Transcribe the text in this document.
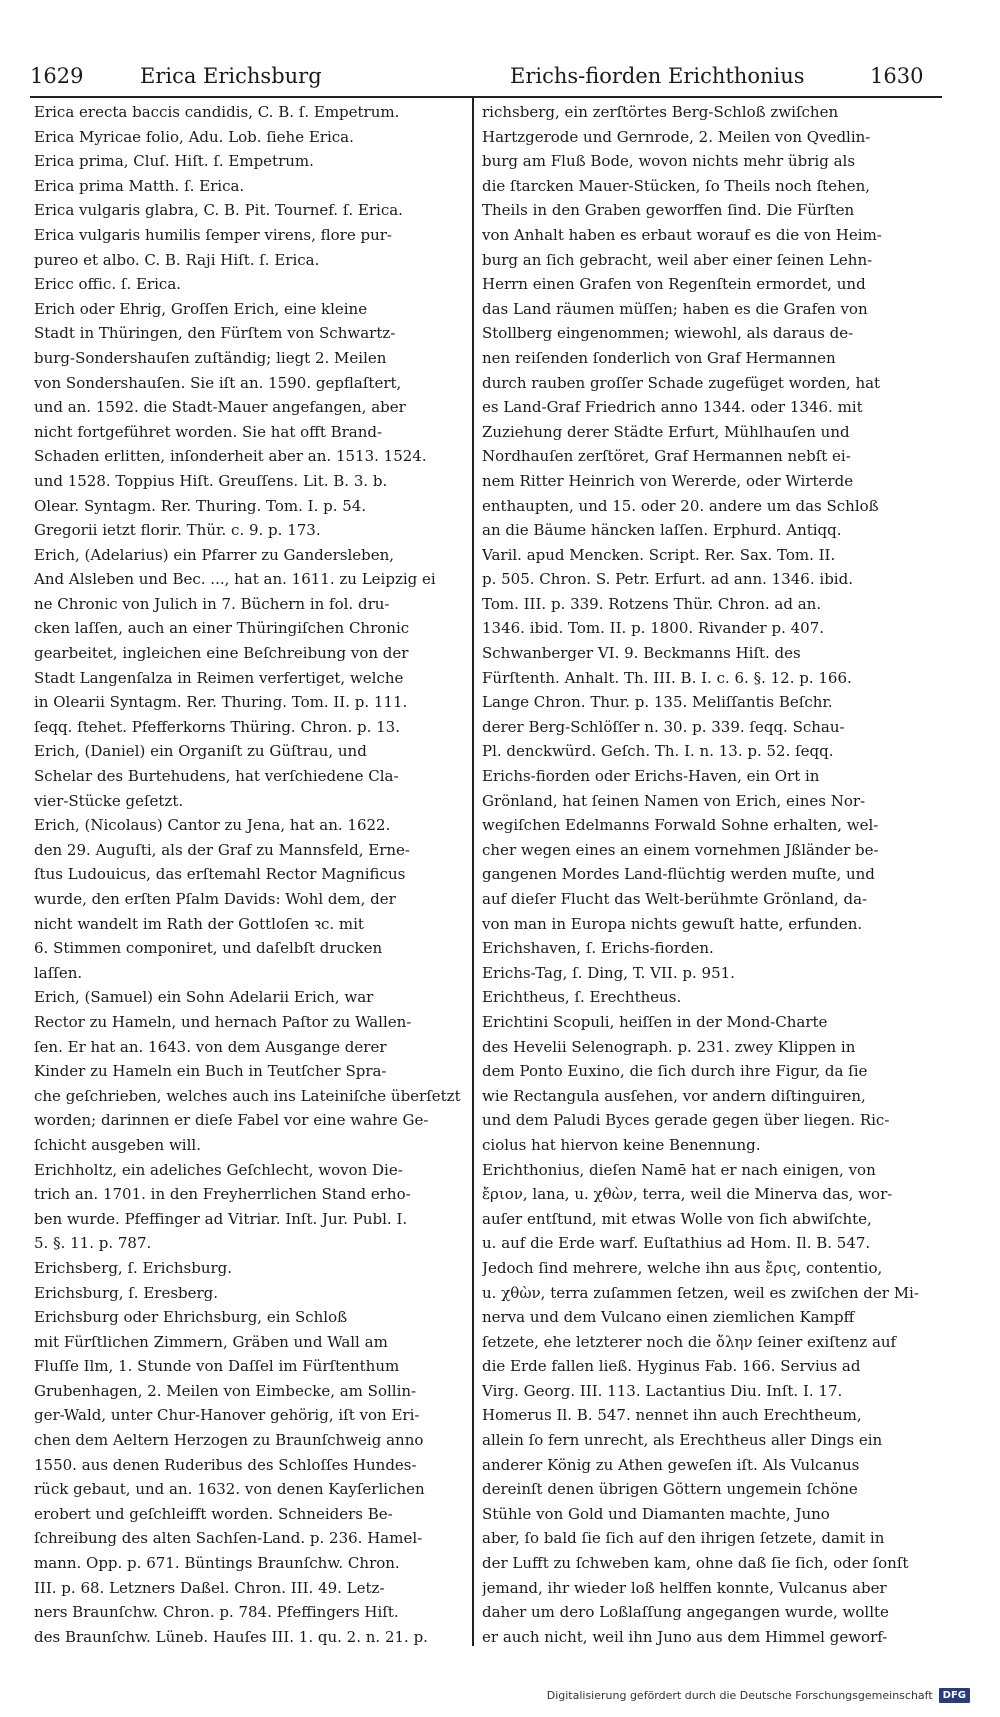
1629	Erica Erichsburg	Erichs-fiorden Erichthonius	1630

Erica erecta baccis candidis, C. B. ſ. Empetrum.
Erica Myricae folio, Adu. Lob. ſiehe Erica.
Erica prima, Cluſ. Hiſt. ſ. Empetrum.
Erica prima Matth. ſ. Erica.
Erica vulgaris glabra, C. B. Pit. Tournef. ſ. Erica.
Erica vulgaris humilis ſemper virens, flore pur-
pureo et albo. C. B. Raji Hiſt. ſ. Erica.
Ericc offic. ſ. Erica.
Erich oder Ehrig, Groſſen Erich, eine kleine
Stadt in Thüringen, den Fürſtem von Schwartz-
burg-Sondershauſen zuſtändig; liegt 2. Meilen
von Sondershauſen. Sie iſt an. 1590. gepflaſtert,
und an. 1592. die Stadt-Mauer angefangen, aber
nicht fortgeführet worden. Sie hat offt Brand-
Schaden erlitten, inſonderheit aber an. 1513. 1524.
und 1528. Toppius Hiſt. Greuſſens. Lit. B. 3. b.
Olear. Syntagm. Rer. Thuring. Tom. I. p. 54.
Gregorii ietzt florir. Thür. c. 9. p. 173.
Erich, (Adelarius) ein Pfarrer zu Gandersleben,
And Alsleben und Bec. ..., hat an. 1611. zu Leipzig ei
ne Chronic von Julich in 7. Büchern in fol. dru-
cken laſſen, auch an einer Thüringiſchen Chronic
gearbeitet, ingleichen eine Beſchreibung von der
Stadt Langenſalza in Reimen verfertiget, welche
in Olearii Syntagm. Rer. Thuring. Tom. II. p. 111.
ſeqq. ſtehet. Pfefferkorns Thüring. Chron. p. 13.
Erich, (Daniel) ein Organiſt zu Güſtrau, und
Schelar des Burtehudens, hat verſchiedene Cla-
vier-Stücke geſetzt.
Erich, (Nicolaus) Cantor zu Jena, hat an. 1622.
den 29. Auguſti, als der Graf zu Mannsfeld, Erne-
ſtus Ludouicus, das erſtemahl Rector Magnificus
wurde, den erſten Pſalm Davids: Wohl dem, der
nicht wandelt im Rath der Gottloſen ꝛc. mit
6. Stimmen componiret, und daſelbſt drucken
laſſen.
Erich, (Samuel) ein Sohn Adelarii Erich, war
Rector zu Hameln, und hernach Paſtor zu Wallen-
ſen. Er hat an. 1643. von dem Ausgange derer
Kinder zu Hameln ein Buch in Teutſcher Spra-
che geſchrieben, welches auch ins Lateiniſche überſetzt
worden; darinnen er dieſe Fabel vor eine wahre Ge-
ſchicht ausgeben will.
Erichholtz, ein adeliches Geſchlecht, wovon Die-
trich an. 1701. in den Freyherrlichen Stand erho-
ben wurde. Pfeffinger ad Vitriar. Inſt. Jur. Publ. I.
5. §. 11. p. 787.
Erichsberg, ſ. Erichsburg.
Erichsburg, ſ. Eresberg.
Erichsburg oder Ehrichsburg, ein Schloß
mit Fürſtlichen Zimmern, Gräben und Wall am
Fluſſe Ilm, 1. Stunde von Daſſel im Fürſtenthum
Grubenhagen, 2. Meilen von Eimbecke, am Sollin-
ger-Wald, unter Chur-Hanover gehörig, iſt von Eri-
chen dem Aeltern Herzogen zu Braunſchweig anno
1550. aus denen Ruderibus des Schloſſes Hundes-
rück gebaut, und an. 1632. von denen Kayſerlichen
erobert und geſchleifft worden. Schneiders Be-
ſchreibung des alten Sachſen-Land. p. 236. Hamel-
mann. Opp. p. 671. Büntings Braunſchw. Chron.
III. p. 68. Letzners Daßel. Chron. III. 49. Letz-
ners Braunſchw. Chron. p. 784. Pfeffingers Hiſt.
des Braunſchw. Lüneb. Hauſes III. 1. qu. 2. n. 21. p.

richsberg, ein zerſtörtes Berg-Schloß zwiſchen
Hartzgerode und Gernrode, 2. Meilen von Qvedlin-
burg am Fluß Bode, wovon nichts mehr übrig als
die ſtarcken Mauer-Stücken, ſo Theils noch ſtehen,
Theils in den Graben geworffen ſind. Die Fürſten
von Anhalt haben es erbaut worauf es die von Heim-
burg an ſich gebracht, weil aber einer ſeinen Lehn-
Herrn einen Grafen von Regenſtein ermordet, und
das Land räumen müſſen; haben es die Grafen von
Stollberg eingenommen; wiewohl, als daraus de-
nen reiſenden ſonderlich von Graf Hermannen
durch rauben groſſer Schade zugefüget worden, hat
es Land-Graf Friedrich anno 1344. oder 1346. mit
Zuziehung derer Städte Erfurt, Mühlhauſen und
Nordhauſen zerſtöret, Graf Hermannen nebſt ei-
nem Ritter Heinrich von Wererde, oder Wirterde
enthaupten, und 15. oder 20. andere um das Schloß
an die Bäume häncken laſſen. Erphurd. Antiqq.
Varil. apud Mencken. Script. Rer. Sax. Tom. II.
p. 505. Chron. S. Petr. Erfurt. ad ann. 1346. ibid.
Tom. III. p. 339. Rotzens Thür. Chron. ad an.
1346. ibid. Tom. II. p. 1800. Rivander p. 407.
Schwanberger VI. 9. Beckmanns Hiſt. des
Fürſtenth. Anhalt. Th. III. B. I. c. 6. §. 12. p. 166.
Lange Chron. Thur. p. 135. Meliſſantis Beſchr.
derer Berg-Schlöſſer n. 30. p. 339. ſeqq. Schau-
Pl. denckwürd. Geſch. Th. I. n. 13. p. 52. ſeqq.
Erichs-fiorden oder Erichs-Haven, ein Ort in
Grönland, hat ſeinen Namen von Erich, eines Nor-
wegiſchen Edelmanns Forwald Sohne erhalten, wel-
cher wegen eines an einem vornehmen Jßländer be-
gangenen Mordes Land-flüchtig werden muſte, und
auf dieſer Flucht das Welt-berühmte Grönland, da-
von man in Europa nichts gewuſt hatte, erfunden.
Erichshaven, ſ. Erichs-fiorden.
Erichs-Tag, ſ. Ding, T. VII. p. 951.
Erichtheus, ſ. Erechtheus.
Erichtini Scopuli, heiſſen in der Mond-Charte
des Hevelii Selenograph. p. 231. zwey Klippen in
dem Ponto Euxino, die ſich durch ihre Figur, da ſie
wie Rectangula ausſehen, vor andern diſtinguiren,
und dem Paludi Byces gerade gegen über liegen. Ric-
ciolus hat hiervon keine Benennung.
Erichthonius, dieſen Namē hat er nach einigen, von
ἔριον, lana, u. χθὼν, terra, weil die Minerva das, wor-
auſer entſtund, mit etwas Wolle von ſich abwiſchte,
u. auf die Erde warf. Euſtathius ad Hom. Il. B. 547.
Jedoch ſind mehrere, welche ihn aus ἔρις, contentio,
u. χθὼν, terra zuſammen ſetzen, weil es zwiſchen der Mi-
nerva und dem Vulcano einen ziemlichen Kampff
ſetzete, ehe letzterer noch die ὄλην ſeiner exiſtenz auf
die Erde fallen ließ. Hyginus Fab. 166. Servius ad
Virg. Georg. III. 113. Lactantius Diu. Inſt. I. 17.
Homerus Il. B. 547. nennet ihn auch Erechtheum,
allein ſo fern unrecht, als Erechtheus aller Dings ein
anderer König zu Athen geweſen iſt. Als Vulcanus
dereinſt denen übrigen Göttern ungemein ſchöne
Stühle von Gold und Diamanten machte, Juno
aber, ſo bald ſie ſich auf den ihrigen ſetzete, damit in
der Lufft zu ſchweben kam, ohne daß ſie ſich, oder ſonſt
jemand, ihr wieder loß helffen konnte, Vulcanus aber
daher um dero Loßlaſſung angegangen wurde, wollte
er auch nicht, weil ihn Juno aus dem Himmel geworf-

Digitalisierung gefördert durch die Deutsche Forschungsgemeinschaft	DFG
